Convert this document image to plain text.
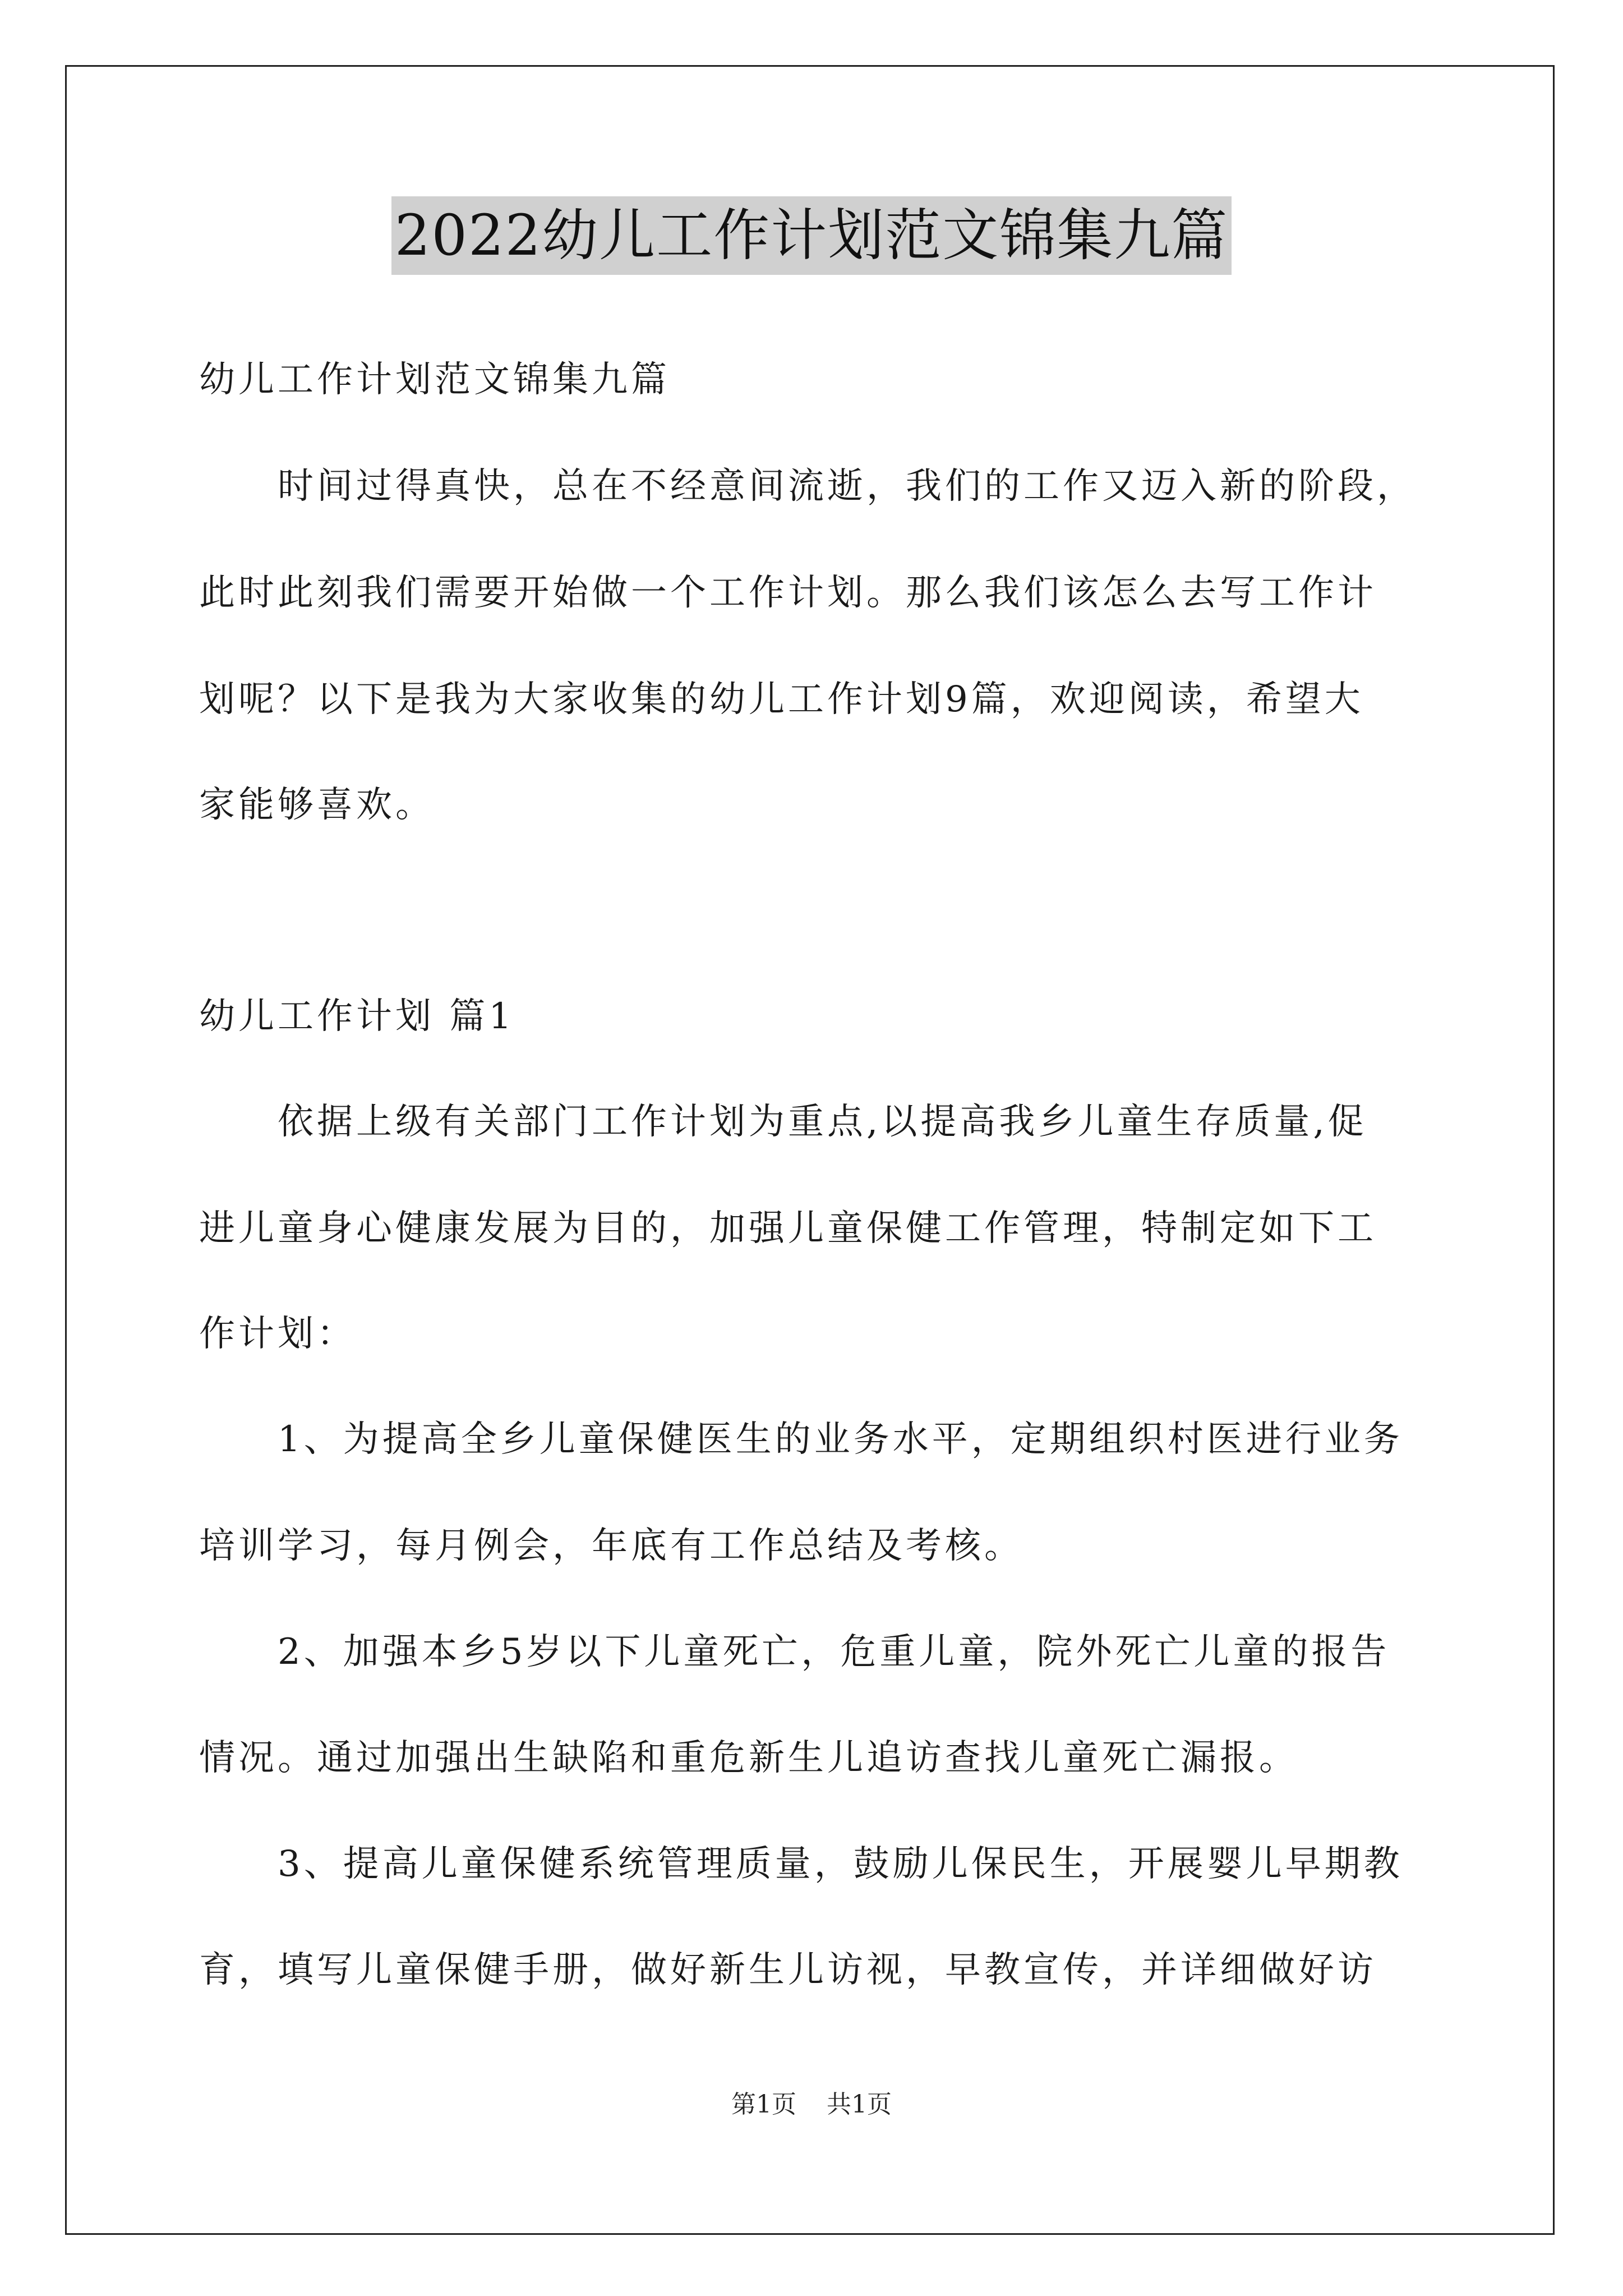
2022幼儿工作计划范文锦集九篇
幼儿工作计划范文锦集九篇
　　时间过得真快，总在不经意间流逝，我们的工作又迈入新的阶段，
此时此刻我们需要开始做一个工作计划。那么我们该怎么去写工作计
划呢？以下是我为大家收集的幼儿工作计划9篇，欢迎阅读，希望大
家能够喜欢。
幼儿工作计划 篇1
　　依据上级有关部门工作计划为重点,以提高我乡儿童生存质量,促
进儿童身心健康发展为目的，加强儿童保健工作管理，特制定如下工
作计划：
　　1、为提高全乡儿童保健医生的业务水平，定期组织村医进行业务
培训学习，每月例会，年底有工作总结及考核。
　　2、加强本乡5岁以下儿童死亡，危重儿童，院外死亡儿童的报告
情况。通过加强出生缺陷和重危新生儿追访查找儿童死亡漏报。
　　3、提高儿童保健系统管理质量，鼓励儿保民生，开展婴儿早期教
育，填写儿童保健手册，做好新生儿访视，早教宣传，并详细做好访
第1页 共1页
